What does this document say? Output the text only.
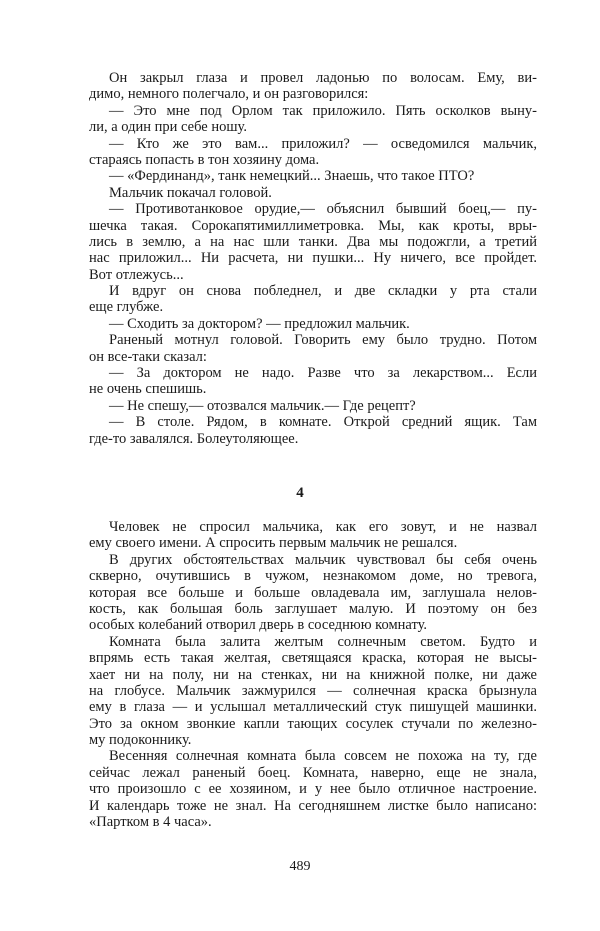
Он закрыл глаза и провел ладонью по волосам. Ему, ви-
димо, немного полегчало, и он разговорился:
— Это мне под Орлом так приложило. Пять осколков выну-
ли, а один при себе ношу.
— Кто же это вам... приложил? — осведомился мальчик,
стараясь попасть в тон хозяину дома.
— «Фердинанд», танк немецкий... Знаешь, что такое ПТО?
Мальчик покачал головой.
— Противотанковое орудие,— объяснил бывший боец,— пу-
шечка такая. Сорокапятимиллиметровка. Мы, как кроты, вры-
лись в землю, а на нас шли танки. Два мы подожгли, а третий
нас приложил... Ни расчета, ни пушки... Ну ничего, все пройдет.
Вот отлежусь...
И вдруг он снова побледнел, и две складки у рта стали
еще глубже.
— Сходить за доктором? — предложил мальчик.
Раненый мотнул головой. Говорить ему было трудно. Потом
он все-таки сказал:
— За доктором не надо. Разве что за лекарством... Если
не очень спешишь.
— Не спешу,— отозвался мальчик.— Где рецепт?
— В столе. Рядом, в комнате. Открой средний ящик. Там
где-то завалялся. Болеутоляющее.
4
Человек не спросил мальчика, как его зовут, и не назвал
ему своего имени. А спросить первым мальчик не решался.
В других обстоятельствах мальчик чувствовал бы себя очень
скверно, очутившись в чужом, незнакомом доме, но тревога,
которая все больше и больше овладевала им, заглушала нелов-
кость, как большая боль заглушает малую. И поэтому он без
особых колебаний отворил дверь в соседнюю комнату.
Комната была залита желтым солнечным светом. Будто и
впрямь есть такая желтая, светящаяся краска, которая не высы-
хает ни на полу, ни на стенках, ни на книжной полке, ни даже
на глобусе. Мальчик зажмурился — солнечная краска брызнула
ему в глаза — и услышал металлический стук пишущей машинки.
Это за окном звонкие капли тающих сосулек стучали по железно-
му подоконнику.
Весенняя солнечная комната была совсем не похожа на ту, где
сейчас лежал раненый боец. Комната, наверно, еще не знала,
что произошло с ее хозяином, и у нее было отличное настроение.
И календарь тоже не знал. На сегодняшнем листке было написано:
«Партком в 4 часа».
489
